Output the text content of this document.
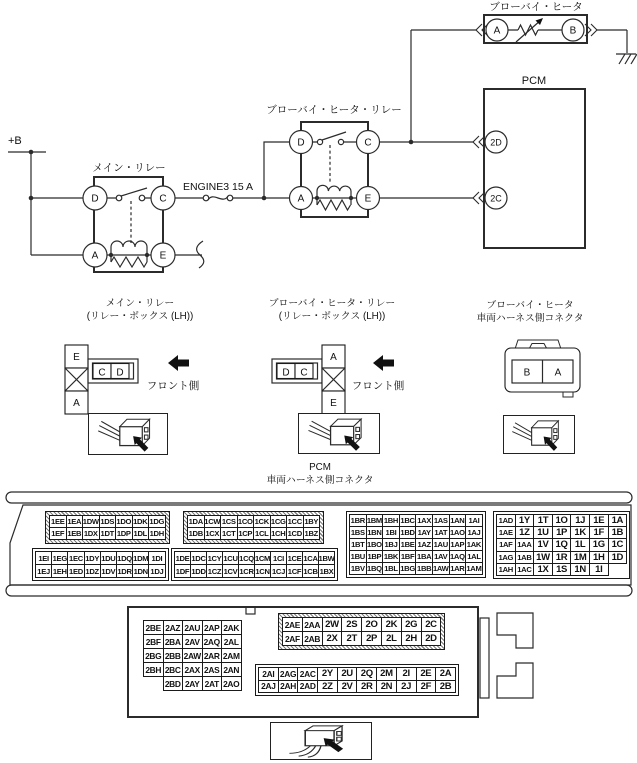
+B
メイン・リレー
D	C
A	E
ENGINE3 15 A
ブローバイ・ヒータ・リレー
D	C
A	E
ブローバイ・ヒータ
A	B
PCM
2D
2C
メイン・リレー
(リレー・ボックス (LH))
ブローバイ・ヒータ・リレー
(リレー・ボックス (LH))
ブローバイ・ヒータ
車両ハーネス側コネクタ
E
A
C D
フロント側
D C
A
E
フロント側
B A
PCM
車両ハーネス側コネクタ
1EE 1EA 1DW 1DS 1DO 1DK 1DG
1EF 1EB 1DX 1DT 1DP 1DL 1DH
1DA 1CW 1CS 1CO 1CK 1CG 1CC 1BY
1DB 1CX 1CT 1CP 1CL 1CH 1CD 1BZ
1EI 1EG 1EC 1DY 1DU 1DQ 1DM 1DI
1EJ 1EH 1ED 1DZ 1DV 1DR 1DN 1DJ
1DE 1DC 1CY 1CU 1CQ 1CM 1CI 1CE 1CA 1BW
1DF 1DD 1CZ 1CV 1CR 1CN 1CJ 1CF 1CB 1BX
1BR 1BM 1BH 1BC 1AX 1AS 1AN 1AI
1BS 1BN 1BI 1BD 1AY 1AT 1AO 1AJ
1BT 1BO 1BJ 1BE 1AZ 1AU 1AP 1AK
1BU 1BP 1BK 1BF 1BA 1AV 1AQ 1AL
1BV 1BQ 1BL 1BG 1BB 1AW 1AR 1AM
1AD 1Y 1T 1O 1J 1E 1A
1AE 1Z 1U 1P 1K 1F 1B
1AF 1AA 1V 1Q 1L 1G 1C
1AG 1AB 1W 1R 1M 1H 1D
1AH 1AC 1X 1S 1N 1I
2BE 2AZ 2AU 2AP 2AK
2BF 2BA 2AV 2AQ 2AL
2BG 2BB 2AW 2AR 2AM
2BH 2BC 2AX 2AS 2AN
2BD 2AY 2AT 2AO
2AE 2AA 2W 2S 2O 2K 2G 2C
2AF 2AB 2X 2T 2P 2L 2H 2D
2AI 2AG 2AC 2Y 2U 2Q 2M	2I	2E 2A
2AJ 2AH 2AD 2Z 2V 2R 2N 2J 2F 2B
